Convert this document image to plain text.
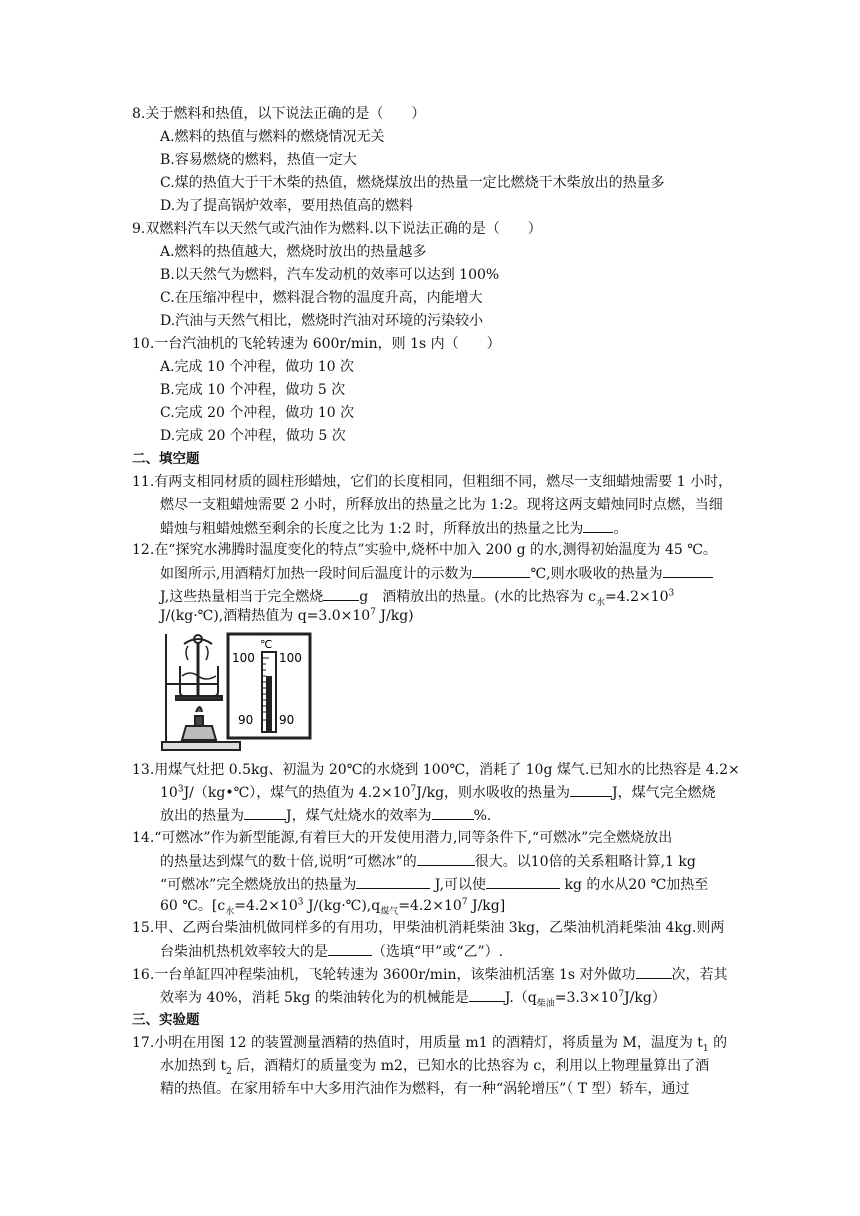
8.关于燃料和热值，以下说法正确的是（　　）
A.燃料的热值与燃料的燃烧情况无关
B.容易燃烧的燃料，热值一定大
C.煤的热值大于干木柴的热值，燃烧煤放出的热量一定比燃烧干木柴放出的热量多
D.为了提高锅炉效率，要用热值高的燃料
9.双燃料汽车以天然气或汽油作为燃料.以下说法正确的是（　　）
A.燃料的热值越大，燃烧时放出的热量越多
B.以天然气为燃料，汽车发动机的效率可以达到 100%
C.在压缩冲程中，燃料混合物的温度升高，内能增大
D.汽油与天然气相比，燃烧时汽油对环境的污染较小
10.一台汽油机的飞轮转速为 600r/min，则 1s 内（　　）
A.完成 10 个冲程，做功 10 次
B.完成 10 个冲程，做功 5 次
C.完成 20 个冲程，做功 10 次
D.完成 20 个冲程，做功 5 次
二、填空题
11.有两支相同材质的圆柱形蜡烛，它们的长度相同，但粗细不同，燃尽一支细蜡烛需要 1 小时，
燃尽一支粗蜡烛需要 2 小时，所释放出的热量之比为 1:2。现将这两支蜡烛同时点燃，当细
蜡烛与粗蜡烛燃至剩余的长度之比为 1:2 时，所释放出的热量之比为 。
12.在“探究水沸腾时温度变化的特点”实验中,烧杯中加入 200 g 的水,测得初始温度为 45 ℃。
如图所示,用酒精灯加热一段时间后温度计的示数为	℃,则水吸收的热量为
J,这些热量相当于完全燃烧	g　酒精放出的热量。(水的比热容为 $c_水=4.2\times 10^3$
J/(kg·℃),酒精热值为 $q=3.0\times 10^7$ J/kg)
℃
100 100
90 90
13.用煤气灶把 0.5kg、初温为 20℃的水烧到 100℃，消耗了 10g 煤气.已知水的比热容是 4.2×
$10^3J/(kg•℃)$，煤气的热值为 $4.2\times 10^7J/kg$，则水吸收的热量为	J，煤气完全燃烧
放出的热量为	J，煤气灶烧水的效率为	%.
14.“可燃冰”作为新型能源,有着巨大的开发使用潜力,同等条件下,“可燃冰”完全燃烧放出
的热量达到煤气的数十倍,说明“可燃冰”的	很大。以10倍的关系粗略计算,1 kg
“可燃冰”完全燃烧放出的热量为	J,可以使	kg 的水从20 ℃加热至
60 ℃。[$c_水=4.2\times 10^3$ $J/(kg\cdot℃),q_{煤气}=4.2\times 10^7$ J/kg]
15.甲、乙两台柴油机做同样多的有用功，甲柴油机消耗柴油 3kg，乙柴油机消耗柴油 4kg.则两
台柴油机热机效率较大的是	（选填“甲”或“乙”）.
16.一台单缸四冲程柴油机，飞轮转速为 3600r/min，该柴油机活塞 1s 对外做功	次，若其
效率为 40%，消耗 5kg 的柴油转化为的机械能是	$J.(q_{柴油}=3.3\times 10^7J/kg)$
三、实验题
17.小明在用图 12 的装置测量酒精的热值时，用质量 m1 的酒精灯，将质量为 M，温度为 $t_1$ 的
水加热到 $t_2$ 后，酒精灯的质量变为 m2，已知水的比热容为 c，利用以上物理量算出了酒
精的热值。在家用轿车中大多用汽油作为燃料，有一种“涡轮增压”（ T 型）轿车，通过
